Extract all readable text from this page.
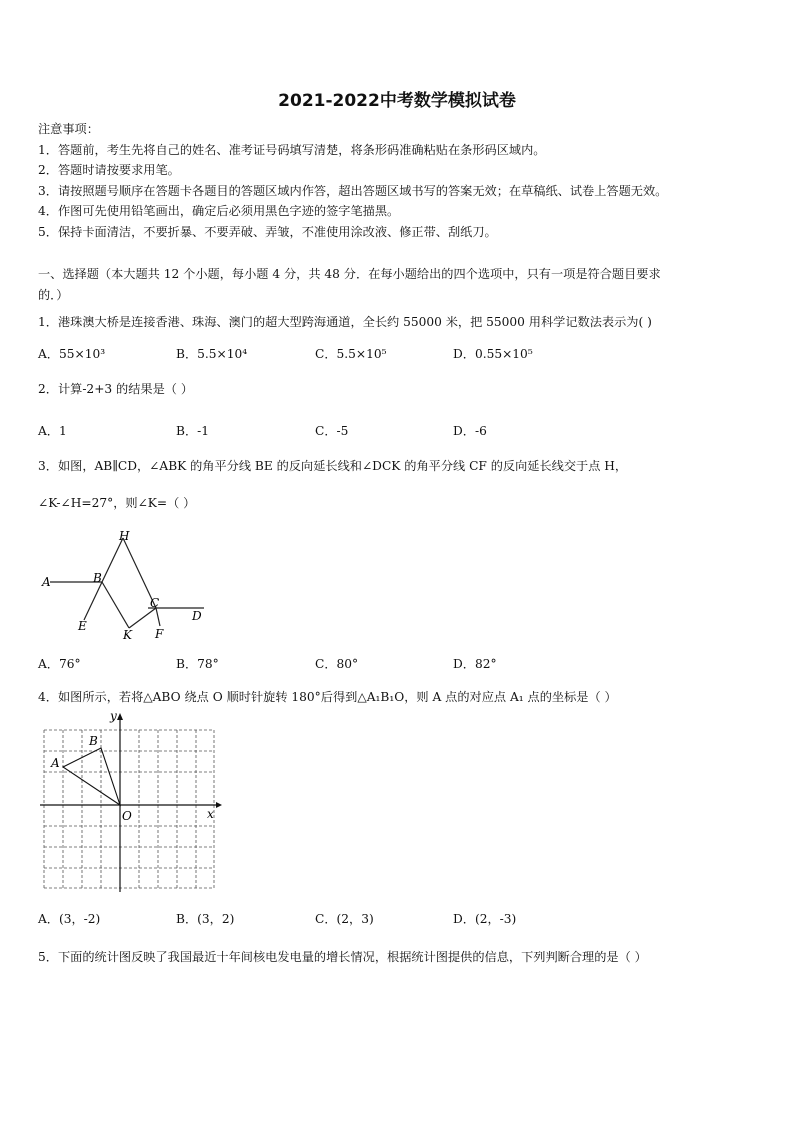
2021-2022中考数学模拟试卷
注意事项：
1．答题前，考生先将自己的姓名、准考证号码填写清楚，将条形码准确粘贴在条形码区域内。
2．答题时请按要求用笔。
3．请按照题号顺序在答题卡各题目的答题区域内作答，超出答题区域书写的答案无效；在草稿纸、试卷上答题无效。
4．作图可先使用铅笔画出，确定后必须用黑色字迹的签字笔描黑。
5．保持卡面清洁，不要折暴、不要弄破、弄皱，不准使用涂改液、修正带、刮纸刀。
一、选择题（本大题共 12 个小题，每小题 4 分，共 48 分．在每小题给出的四个选项中，只有一项是符合题目要求
的．）
1．港珠澳大桥是连接香港、珠海、澳门的超大型跨海通道，全长约 55000 米，把 55000 用科学记数法表示为( )
A．55×10³	B．5.5×10⁴	C．5.5×10⁵	D．0.55×10⁵
2．计算-2+3 的结果是（ ）
A．1	B．-1	C．-5	D．-6
3．如图，AB∥CD，∠ABK 的角平分线 BE 的反向延长线和∠DCK 的角平分线 CF 的反向延长线交于点 H，
∠K-∠H=27°，则∠K=（ ）
H
A	B
C
D
E
K F
A．76°	B．78°	C．80°	D．82°
4．如图所示，若将△ABO 绕点 O 顺时针旋转 180°后得到△A₁B₁O，则 A 点的对应点 A₁ 点的坐标是（ ）
y
x
O
A
B
A．(3，-2)	B．(3，2)	C．(2，3)	D．(2，-3)
5．下面的统计图反映了我国最近十年间核电发电量的增长情况，根据统计图提供的信息，下列判断合理的是（ ）
